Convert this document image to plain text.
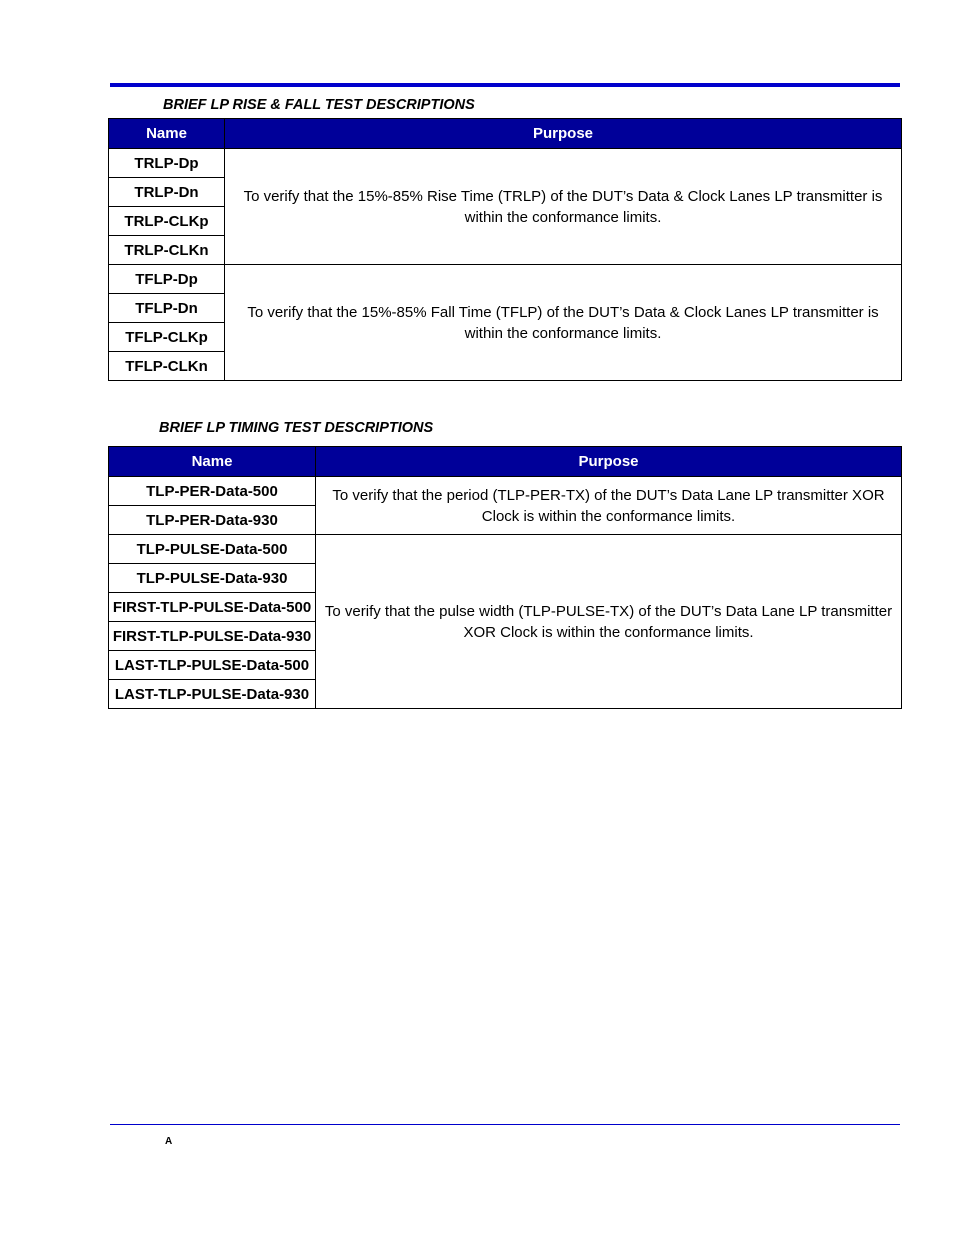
BRIEF LP RISE & FALL TEST DESCRIPTIONS
Name	Purpose
TRLP-Dp	To verify that the 15%-85% Rise Time (TRLP) of the DUT’s Data & Clock Lanes LP transmitter is within the conformance limits.
TRLP-Dn	
TRLP-CLKp	
TRLP-CLKn	
TFLP-Dp	To verify that the 15%-85% Fall Time (TFLP) of the DUT’s Data & Clock Lanes LP transmitter is within the conformance limits.
TFLP-Dn	
TFLP-CLKp	
TFLP-CLKn	
BRIEF LP TIMING TEST DESCRIPTIONS
Name	Purpose
TLP-PER-Data-500	To verify that the period (TLP-PER-TX) of the DUT’s Data Lane LP transmitter XOR Clock is within the conformance limits.
TLP-PER-Data-930	
TLP-PULSE-Data-500	To verify that the pulse width (TLP-PULSE-TX) of the DUT’s Data Lane LP transmitter XOR Clock is within the conformance limits.
TLP-PULSE-Data-930	
FIRST-TLP-PULSE-Data-500	
FIRST-TLP-PULSE-Data-930	
LAST-TLP-PULSE-Data-500	
LAST-TLP-PULSE-Data-930	
A
